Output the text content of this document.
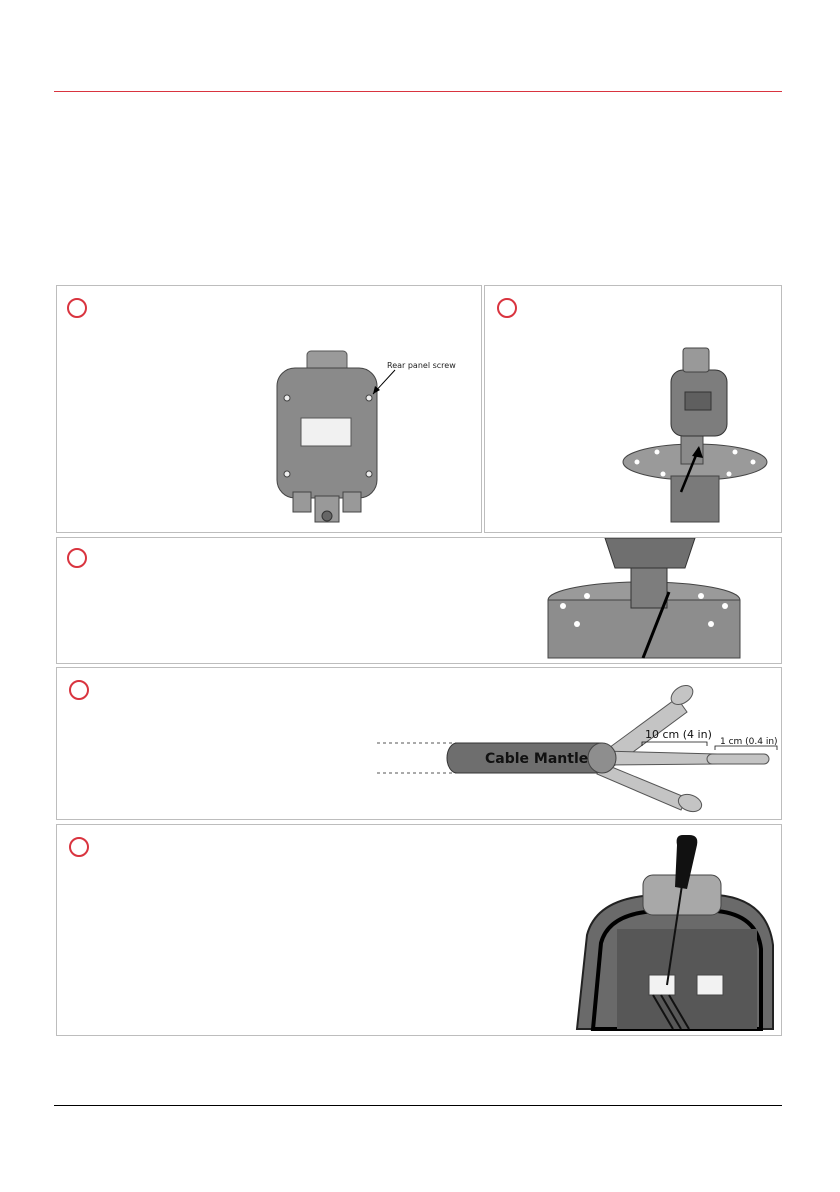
Rear panel screw
Cable Mantle
10 cm (4 in)
1 cm (0.4 in)
